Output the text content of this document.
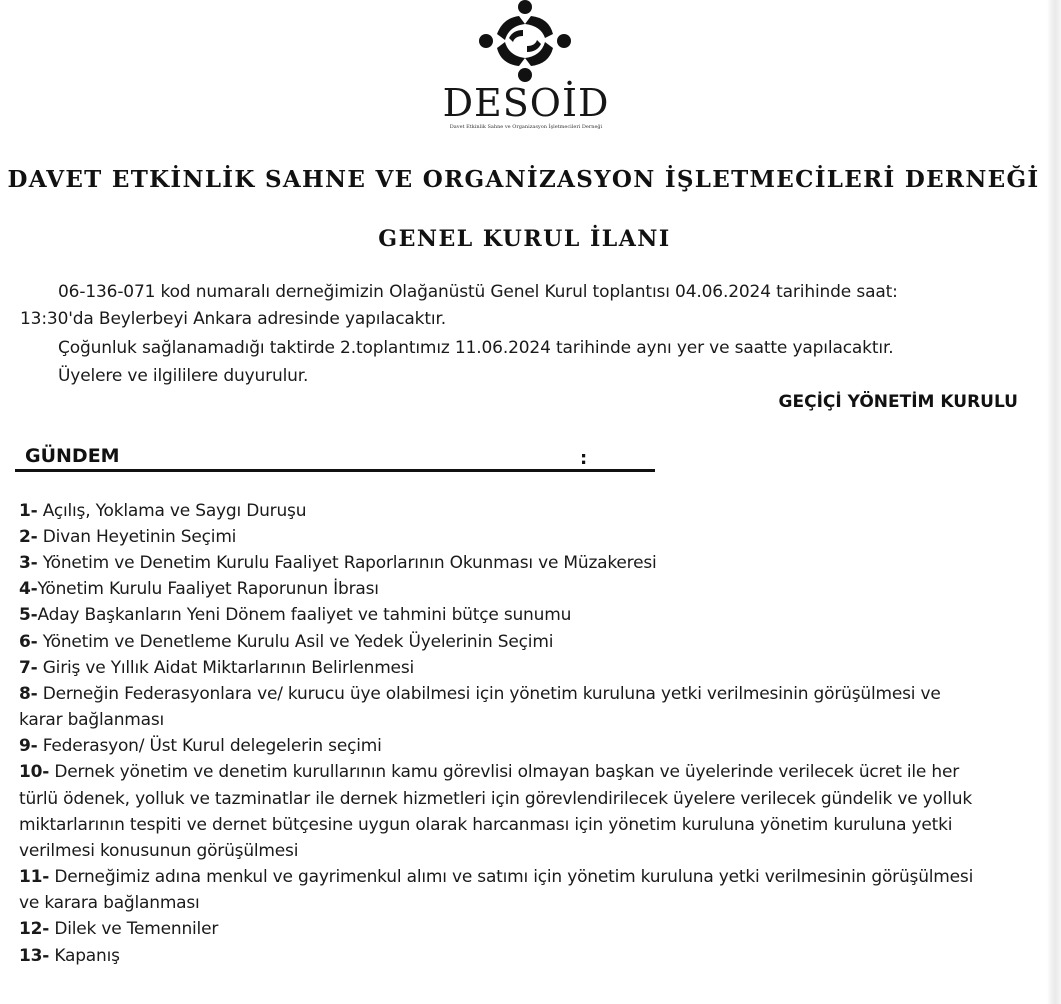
DESOİD
Davet Etkinlik Sahne ve Organizasyon İşletmecileri Derneği
DAVET ETKİNLİK SAHNE VE ORGANİZASYON İŞLETMECİLERİ DERNEĞİ
GENEL KURUL İLANI
06-136-071 kod numaralı derneğimizin Olağanüstü Genel Kurul toplantısı 04.06.2024 tarihinde saat:
13:30'da Beylerbeyi Ankara adresinde yapılacaktır.
Çoğunluk sağlanamadığı taktirde 2.toplantımız 11.06.2024 tarihinde aynı yer ve saatte yapılacaktır.
Üyelere ve ilgililere duyurulur.
GEÇİÇİ YÖNETİM KURULU
GÜNDEM	:
1- Açılış, Yoklama ve Saygı Duruşu
2- Divan Heyetinin Seçimi
3- Yönetim ve Denetim Kurulu Faaliyet Raporlarının Okunması ve Müzakeresi
4-Yönetim Kurulu Faaliyet Raporunun İbrası
5-Aday Başkanların Yeni Dönem faaliyet ve tahmini bütçe sunumu
6- Yönetim ve Denetleme Kurulu Asil ve Yedek Üyelerinin Seçimi
7- Giriş ve Yıllık Aidat Miktarlarının Belirlenmesi
8- Derneğin Federasyonlara ve/ kurucu üye olabilmesi için yönetim kuruluna yetki verilmesinin görüşülmesi ve
karar bağlanması
9- Federasyon/ Üst Kurul delegelerin seçimi
10- Dernek yönetim ve denetim kurullarının kamu görevlisi olmayan başkan ve üyelerinde verilecek ücret ile her
türlü ödenek, yolluk ve tazminatlar ile dernek hizmetleri için görevlendirilecek üyelere verilecek gündelik ve yolluk
miktarlarının tespiti ve dernet bütçesine uygun olarak harcanması için yönetim kuruluna yönetim kuruluna yetki
verilmesi konusunun görüşülmesi
11- Derneğimiz adına menkul ve gayrimenkul alımı ve satımı için yönetim kuruluna yetki verilmesinin görüşülmesi
ve karara bağlanması
12- Dilek ve Temenniler
13- Kapanış
